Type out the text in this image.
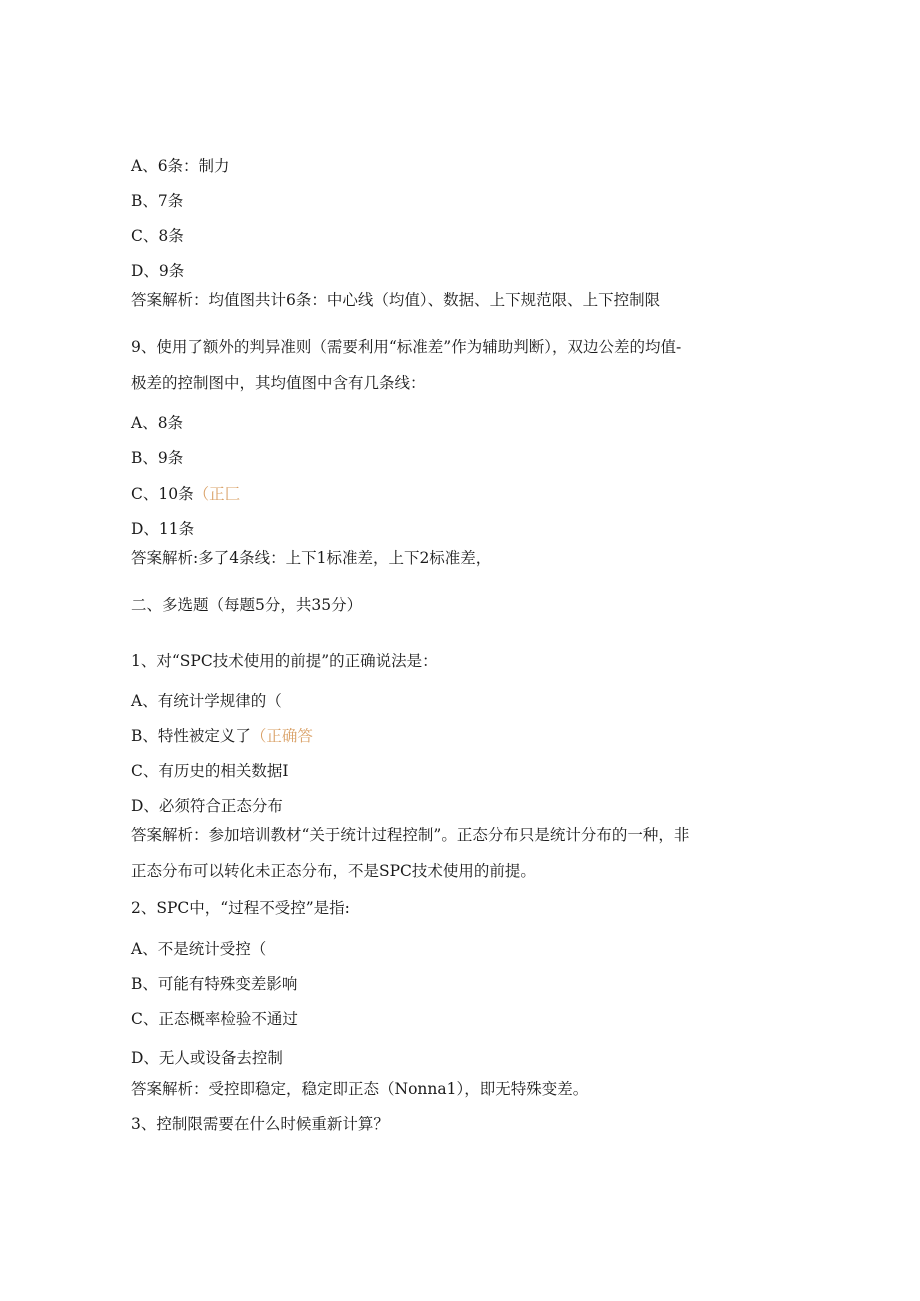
A、6条：制力
B、7条
C、8条
D、9条
答案解析：均值图共计6条：中心线（均值）、数据、上下规范限、上下控制限
9、使用了额外的判异准则（需要利用“标准差”作为辅助判断），双边公差的均值-
极差的控制图中，其均值图中含有几条线：
A、8条
B、9条
C、10条（正匚
D、11条
答案解析:多了4条线：上下1标准差，上下2标准差，
二、多选题（每题5分，共35分）
1、对“SPC技术使用的前提”的正确说法是：
A、有统计学规律的（
B、特性被定义了（正确答
C、有历史的相关数据I
D、必须符合正态分布
答案解析：参加培训教材“关于统计过程控制”。正态分布只是统计分布的一种，非
正态分布可以转化未正态分布，不是SPC技术使用的前提。
2、SPC中，“过程不受控”是指:
A、不是统计受控（
B、可能有特殊变差影响
C、正态概率检验不通过
D、无人或设备去控制
答案解析：受控即稳定，稳定即正态（Nonna1），即无特殊变差。
3、控制限需要在什么时候重新计算？
